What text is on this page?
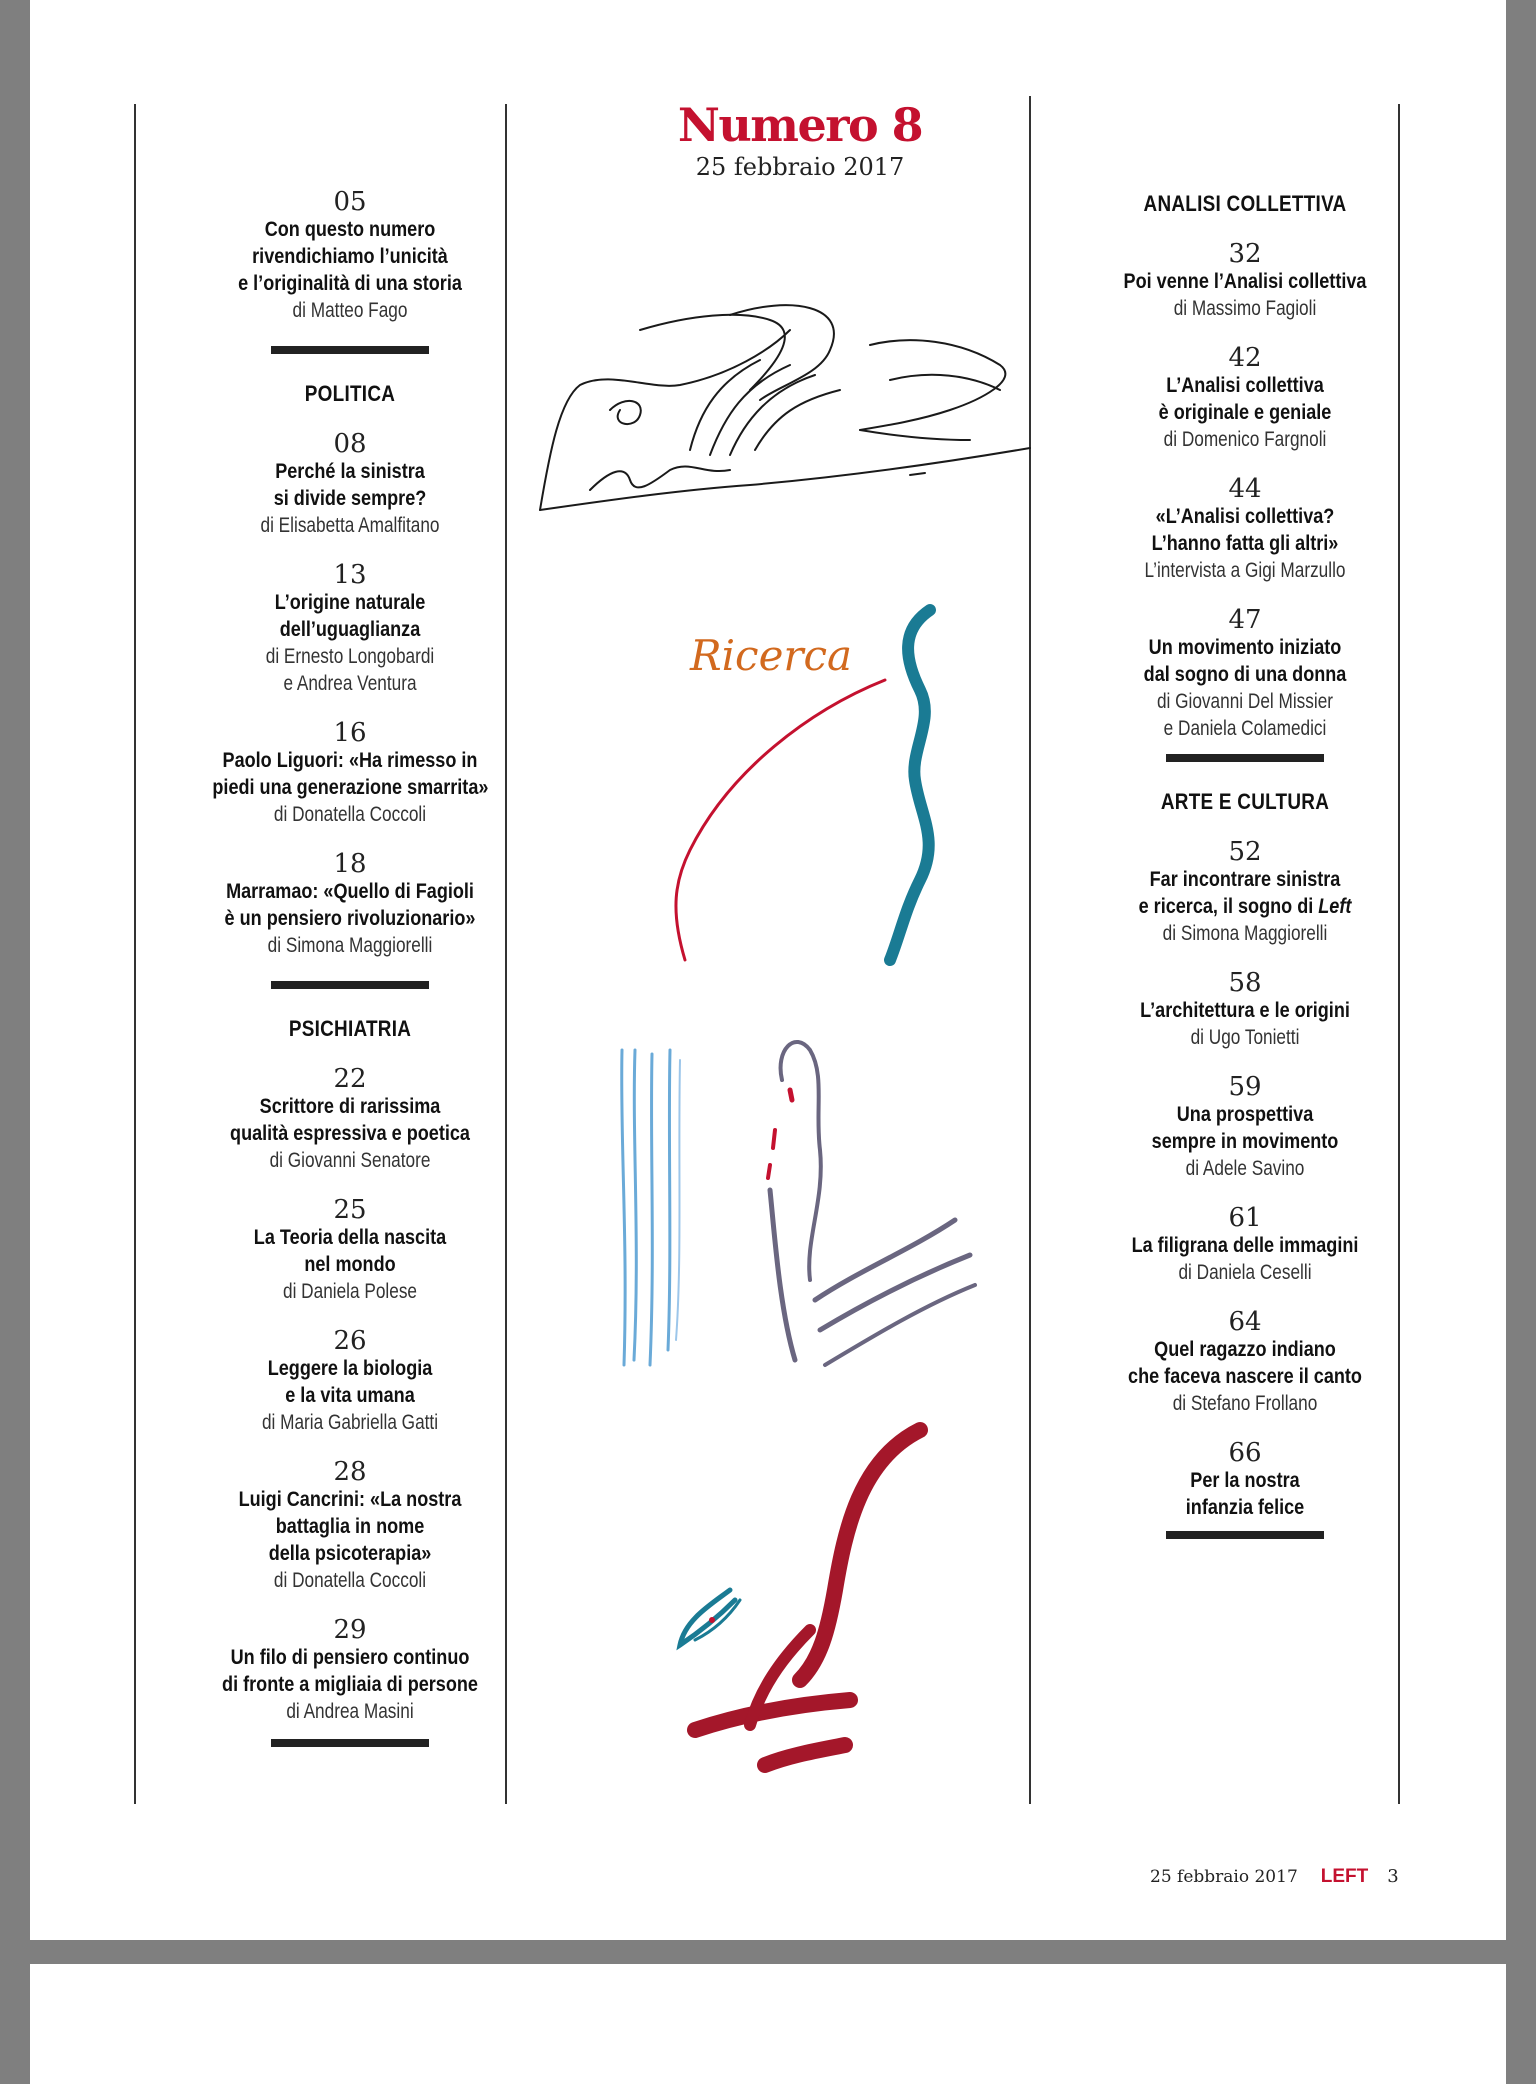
Numero 8
25 febbraio 2017
05
Con questo numero
rivendichiamo l’unicità
e l’originalità di una storia
di Matteo Fago
POLITICA
08
Perché la sinistra
si divide sempre?
di Elisabetta Amalfitano
13
L’origine naturale
dell’uguaglianza
di Ernesto Longobardi
e Andrea Ventura
16
Paolo Liguori: «Ha rimesso in
piedi una generazione smarrita»
di Donatella Coccoli
18
Marramao: «Quello di Fagioli
è un pensiero rivoluzionario»
di Simona Maggiorelli
PSICHIATRIA
22
Scrittore di rarissima
qualità espressiva e poetica
di Giovanni Senatore
25
La Teoria della nascita
nel mondo
di Daniela Polese
26
Leggere la biologia
e la vita umana
di Maria Gabriella Gatti
28
Luigi Cancrini: «La nostra
battaglia in nome
della psicoterapia»
di Donatella Coccoli
29
Un filo di pensiero continuo
di fronte a migliaia di persone
di Andrea Masini
ANALISI COLLETTIVA
32
Poi venne l’Analisi collettiva
di Massimo Fagioli
42
L’Analisi collettiva
è originale e geniale
di Domenico Fargnoli
44
«L’Analisi collettiva?
L’hanno fatta gli altri»
L’intervista a Gigi Marzullo
47
Un movimento iniziato
dal sogno di una donna
di Giovanni Del Missier
e Daniela Colamedici
ARTE E CULTURA
52
Far incontrare sinistra
e ricerca, il sogno di Left
di Simona Maggiorelli
58
L’architettura e le origini
di Ugo Tonietti
59
Una prospettiva
sempre in movimento
di Adele Savino
61
La filigrana delle immagini
di Daniela Ceselli
64
Quel ragazzo indiano
che faceva nascere il canto
di Stefano Frollano
66
Per la nostra
infanzia felice
Ricerca
25 febbraio 2017 LEFT 3
